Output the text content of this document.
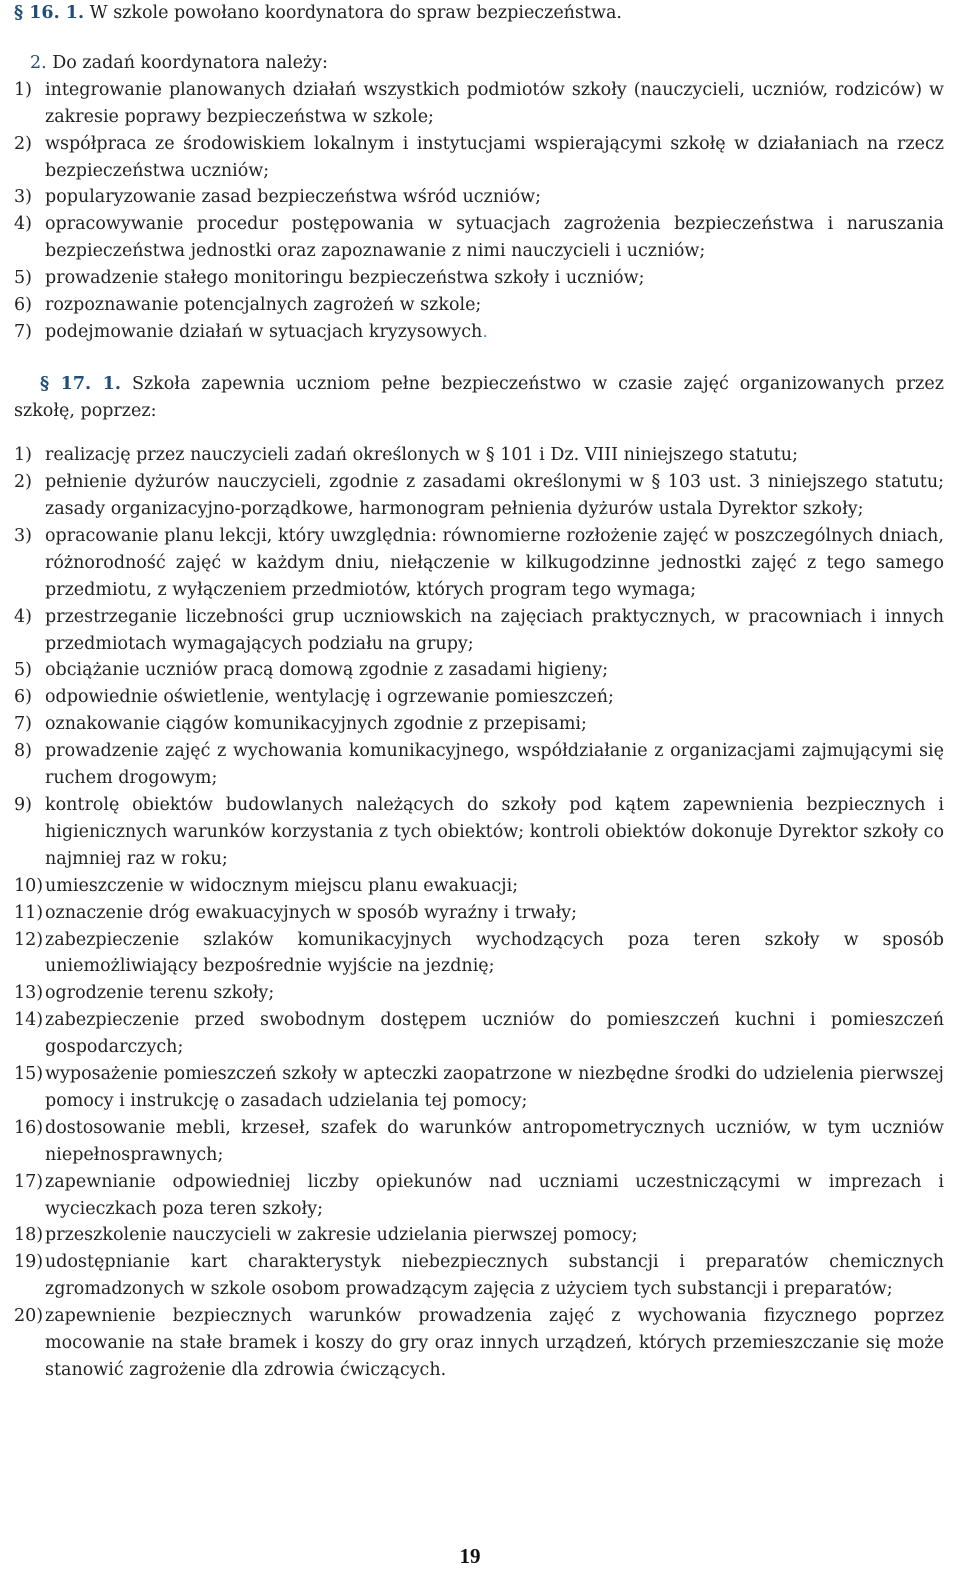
§ 16. 1. W szkole powołano koordynatora do spraw bezpieczeństwa.

2. Do zadań koordynatora należy:

1) integrowanie planowanych działań wszystkich podmiotów szkoły (nauczycieli, uczniów, rodziców) w zakresie poprawy bezpieczeństwa w szkole;
2) współpraca ze środowiskiem lokalnym i instytucjami wspierającymi szkołę w działaniach na rzecz bezpieczeństwa uczniów;
3) popularyzowanie zasad bezpieczeństwa wśród uczniów;
4) opracowywanie procedur postępowania w sytuacjach zagrożenia bezpieczeństwa i naruszania bezpieczeństwa jednostki oraz zapoznawanie z nimi nauczycieli i uczniów;
5) prowadzenie stałego monitoringu bezpieczeństwa szkoły i uczniów;
6) rozpoznawanie potencjalnych zagrożeń w szkole;
7) podejmowanie działań w sytuacjach kryzysowych.

§ 17. 1. Szkoła zapewnia uczniom pełne bezpieczeństwo w czasie zajęć organizowanych przez szkołę, poprzez:

1) realizację przez nauczycieli zadań określonych w § 101 i Dz. VIII niniejszego statutu;
2) pełnienie dyżurów nauczycieli, zgodnie z zasadami określonymi w § 103 ust. 3 niniejszego statutu; zasady organizacyjno-porządkowe, harmonogram pełnienia dyżurów ustala Dyrektor szkoły;
3) opracowanie planu lekcji, który uwzględnia: równomierne rozłożenie zajęć w poszczególnych dniach, różnorodność zajęć w każdym dniu, niełączenie w kilkugodzinne jednostki zajęć z tego samego przedmiotu, z wyłączeniem przedmiotów, których program tego wymaga;
4) przestrzeganie liczebności grup uczniowskich na zajęciach praktycznych, w pracowniach i innych przedmiotach wymagających podziału na grupy;
5) obciążanie uczniów pracą domową zgodnie z zasadami higieny;
6) odpowiednie oświetlenie, wentylację i ogrzewanie pomieszczeń;
7) oznakowanie ciągów komunikacyjnych zgodnie z przepisami;
8) prowadzenie zajęć z wychowania komunikacyjnego, współdziałanie z organizacjami zajmującymi się ruchem drogowym;
9) kontrolę obiektów budowlanych należących do szkoły pod kątem zapewnienia bezpiecznych i higienicznych warunków korzystania z tych obiektów; kontroli obiektów dokonuje Dyrektor szkoły co najmniej raz w roku;
10) umieszczenie w widocznym miejscu planu ewakuacji;
11) oznaczenie dróg ewakuacyjnych w sposób wyraźny i trwały;
12) zabezpieczenie szlaków komunikacyjnych wychodzących poza teren szkoły w sposób uniemożliwiający bezpośrednie wyjście na jezdnię;
13) ogrodzenie terenu szkoły;
14) zabezpieczenie przed swobodnym dostępem uczniów do pomieszczeń kuchni i pomieszczeń gospodarczych;
15) wyposażenie pomieszczeń szkoły w apteczki zaopatrzone w niezbędne środki do udzielenia pierwszej pomocy i instrukcję o zasadach udzielania tej pomocy;
16) dostosowanie mebli, krzeseł, szafek do warunków antropometrycznych uczniów, w tym uczniów niepełnosprawnych;
17) zapewnianie odpowiedniej liczby opiekunów nad uczniami uczestniczącymi w imprezach i wycieczkach poza teren szkoły;
18) przeszkolenie nauczycieli w zakresie udzielania pierwszej pomocy;
19) udostępnianie kart charakterystyk niebezpiecznych substancji i preparatów chemicznych zgromadzonych w szkole osobom prowadzącym zajęcia z użyciem tych substancji i preparatów;
20) zapewnienie bezpiecznych warunków prowadzenia zajęć z wychowania fizycznego poprzez mocowanie na stałe bramek i koszy do gry oraz innych urządzeń, których przemieszczanie się może stanowić zagrożenie dla zdrowia ćwiczących.
19
